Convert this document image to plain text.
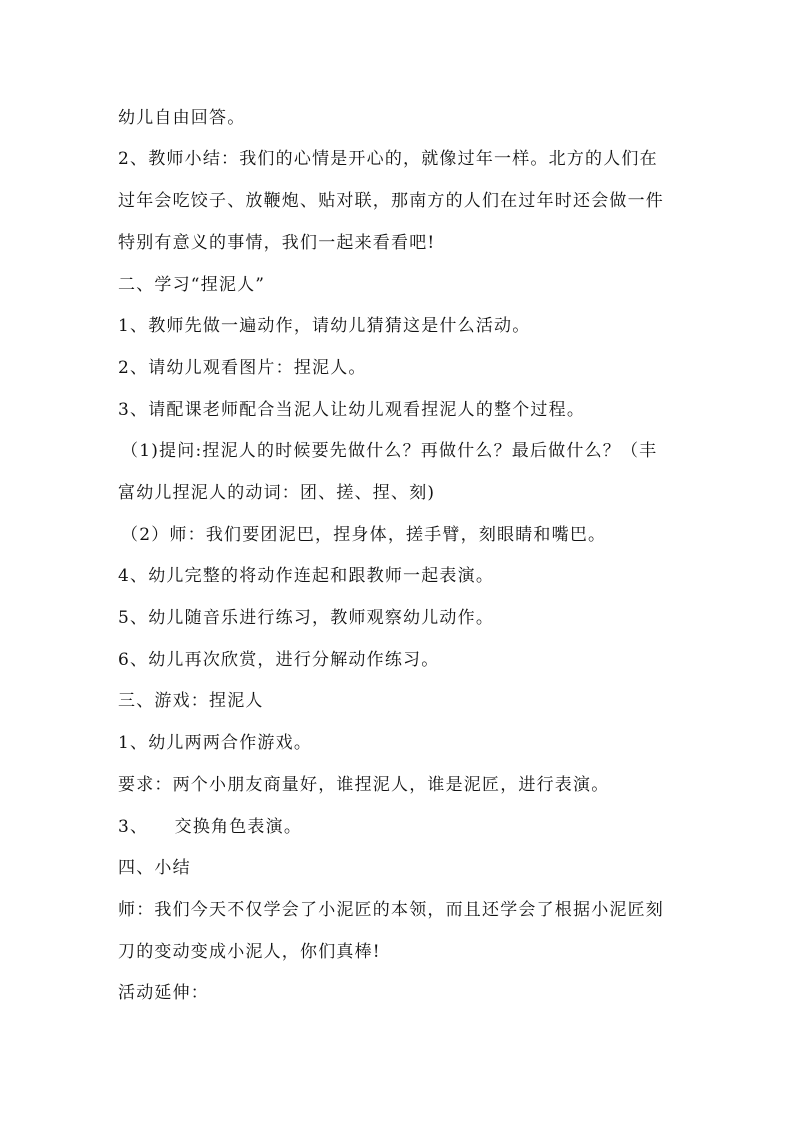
幼儿自由回答。
2、教师小结：我们的心情是开心的，就像过年一样。北方的人们在
过年会吃饺子、放鞭炮、贴对联，那南方的人们在过年时还会做一件
特别有意义的事情，我们一起来看看吧!
二、学习“捏泥人”
1、教师先做一遍动作，请幼儿猜猜这是什么活动。
2、请幼儿观看图片：捏泥人。
3、请配课老师配合当泥人让幼儿观看捏泥人的整个过程。
（1)提问:捏泥人的时候要先做什么？再做什么？最后做什么？（丰
富幼儿捏泥人的动词：团、搓、捏、刻)
（2）师：我们要团泥巴，捏身体，搓手臂，刻眼睛和嘴巴。
4、幼儿完整的将动作连起和跟教师一起表演。
5、幼儿随音乐进行练习，教师观察幼儿动作。
6、幼儿再次欣赏，进行分解动作练习。
三、游戏：捏泥人
1、幼儿两两合作游戏。
要求：两个小朋友商量好，谁捏泥人，谁是泥匠，进行表演。
3、    交换角色表演。
四、小结
师：我们今天不仅学会了小泥匠的本领，而且还学会了根据小泥匠刻
刀的变动变成小泥人，你们真棒!
活动延伸：
